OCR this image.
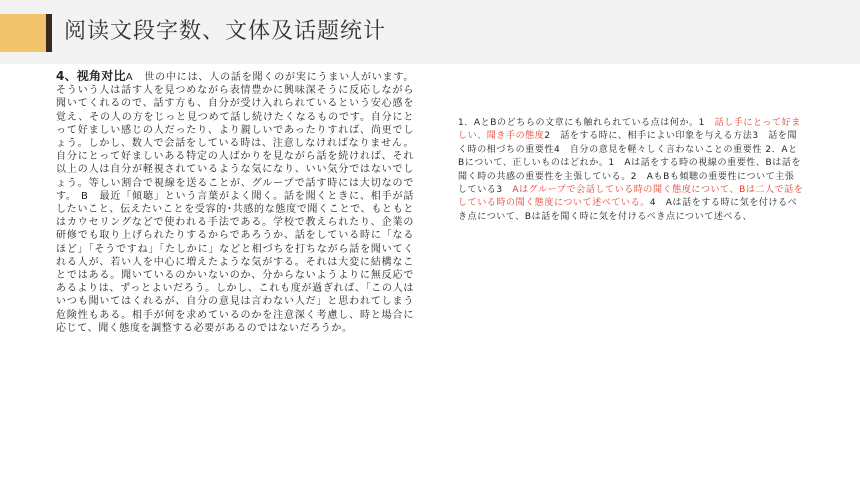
阅读文段字数、文体及话题统计
4、视角对比A　世の中には、人の話を聞くのが実にうまい人がいます。そういう人は話す人を見つめながら表情豊かに興味深そうに反応しながら聞いてくれるので、話す方も、自分が受け入れられているという安心感を覚え、その人の方をじっと見つめて話し続けたくなるものです。自分にとって好ましい感じの人だったり、より親しいであったりすれば、尚更でしょう。しかし、数人で会話をしている時は、注意しなければなりません。自分にとって好ましいある特定の人ばかりを見ながら話を続ければ、それ以上の人は自分が軽視されているような気になり、いい気分ではないでしょう。等しい割合で視線を送ることが、グループで話す時には大切なのです。 B　最近「傾聴」という言葉がよく聞く。話を聞くときに、相手が話したいこと、伝えたいことを受容的･共感的な態度で聞くことで、もともとはカウセリングなどで使われる手法である。学校で教えられたり、企業の研修でも取り上げられたりするからであろうか、話をしている時に「なるほど」「そうですね」「たしかに」などと相づちを打ちながら話を聞いてくれる人が、若い人を中心に増えたような気がする。それは大変に結構なことではある。聞いているのかいないのか、分からないようよりに無反応であるよりは、ずっとよいだろう。しかし、これも度が過ぎれば、「この人はいつも聞いてはくれるが、自分の意見は言わない人だ」と思われてしまう危険性もある。相手が何を求めているのかを注意深く考慮し、時と場合に応じて、聞く態度を調整する必要があるのではないだろうか。
1．AとBのどちらの文章にも触れられている点は何か。1　話し手にとって好ましい、聞き手の態度2　話をする時に、相手によい印象を与える方法3　話を聞く時の相づちの重要性4　自分の意見を軽々しく言わないことの重要性 2．AとBについて、正しいものはどれか。1　Aは話をする時の視線の重要性、Bは話を聞く時の共感の重要性を主張している。2　AもBも傾聴の重要性について主張している3　Aはグループで会話している時の聞く態度について、Bは二人で話をしている時の聞く態度について述べている。4　Aは話をする時に気を付けるべき点について、Bは話を聞く時に気を付けるべき点について述べる、
